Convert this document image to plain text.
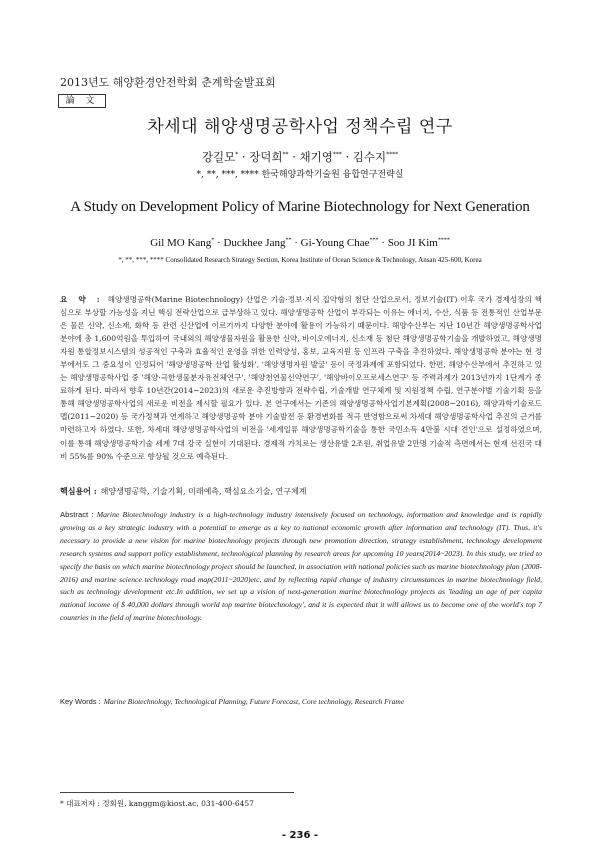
2013년도 해양환경안전학회 춘계학술발표회
論 文
차세대 해양생명공학사업 정책수립 연구
강길모* · 장덕희** · 채기영*** · 김수지****
*, **, ***, **** 한국해양과학기술원 융합연구전략실
A Study on Development Policy of Marine Biotechnology for Next Generation
Gil MO Kang* · Duckhee Jang** · Gi-Young Chae*** · Soo JI Kim****
*, **, ***, **** Consolidated Research Strategy Section, Korea Institute of Ocean Science & Technology, Ansan 425-600, Korea
요 약 : 해양생명공학(Marine Biotechnology) 산업은 기술·정보·지식 집약형의 첨단 산업으로서, 정보기술(IT) 이후 국가 경제성장의 핵심으로 부상할 가능성을 지닌 핵심 전략산업으로 급부상하고 있다. 해양생명공학 산업이 부각되는 이유는 에너지, 수산, 식품 등 전통적인 산업부문은 물론 신약, 신소재, 화학 등 관련 신산업에 이르기까지 다양한 분야에 활용이 가능하기 때문이다. 해양수산부는 지난 10년간 해양생명공학사업 분야에 총 1,600억원을 투입하여 국내외의 해양생물자원을 활용한 신약, 바이오에너지, 신소재 등 첨단 해양생명공학기술을 개발하였고, 해양생명자원 통합정보시스템의 성공적인 구축과 효율적인 운영을 위한 인력양성, 홍보, 교육지원 등 인프라 구축을 추진하였다. 해양생명공학 분야는 현 정부에서도 그 중요성이 인정되어 '해양생명공학 산업 활성화', '해양생명자원 발굴' 등이 국정과제에 포함되었다. 한편, 해양수산부에서 추진하고 있는 해양생명공학사업 중 '해양·극한생물분자유전체연구', '해양천연물신약연구', '해양바이오프로세스연구' 등 주력과제가 2013년까지 1단계가 종료하게 된다. 따라서 향후 10년간(2014~2023)의 새로운 추진방향과 전략수립, 기술개발 연구체계 및 지원정책 수립, 연구분야별 기술기획 등을 통해 해양생명공학사업의 새로운 비전을 제시할 필요가 있다. 본 연구에서는 기존의 해양생명공학사업기본계획(2008~2016), 해양과학기술로드맵(2011~2020) 등 국가정책과 연계하고 해양생명공학 분야 기술발전 등 환경변화를 적극 반영함으로써 차세대 해양생명공학사업 추진의 근거를 마련하고자 하였다. 또한, 차세대 해양생명공학사업의 비전을 '세계일류 해양생명공학기술을 통한 국민소득 4만불 시대 견인'으로 설정하였으며, 이를 통해 해양생명공학기술 세계 7대 강국 실현이 기대된다. 경제적 가치로는 생산유발 2조원, 취업유발 2만명 기술적 측면에서는 현재 선진국 대비 55%를 90% 수준으로 향상될 것으로 예측된다.
핵심용어 : 해양생명공학, 기술기획, 미래예측, 핵심요소기술, 연구체계
Abstract : Marine Biotechnology industry is a high-technology industry intensively focused on technology, information and knowledge and is rapidly growing as a key strategic industry with a potential to emerge as a key to national economic growth after information and technology (IT). Thus, it's necessary to provide a new vision for marine biotechnology projects through new promotion direction, strategy establishment, technology development research systems and support policy establishment, technological planning by research areas for upcoming 10 years(2014~2023). In this study, we tried to specify the basis on which marine biotechnology project should be launched, in association with national policies such as marine biotechnology plan (2008-2016) and marine science technology road map(2011~2020)etc, and by reflecting rapid change of industry circumstances in marine biotechnology field, such as technology development etc.In addition, we set up a vision of next-generation marine biotechnology projects as 'leading an age of per capita national income of $ 40,000 dollars through world top marine biotechnology', and it is expected that it will allows us to become one of the world's top 7 countries in the field of marine biotechnology.
Key Words : Marine Biotechnology, Technological Planning, Future Forecast, Core technology, Research Frame
* 대표저자 : 정회원, kanggm@kiost.ac, 031-400-6457
- 236 -
